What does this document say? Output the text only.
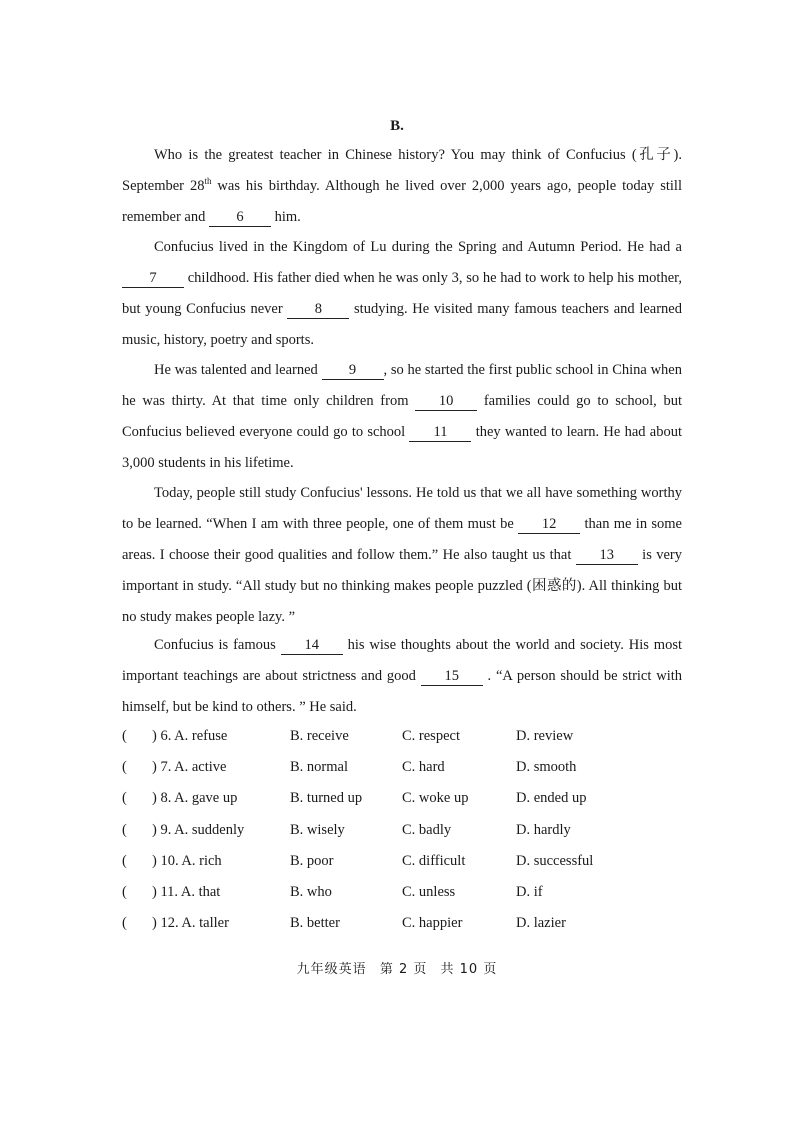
B.

Who is the greatest teacher in Chinese history? You may think of Confucius (孔子). September 28th was his birthday. Although he lived over 2,000 years ago, people today still remember and 6 him.

Confucius lived in the Kingdom of Lu during the Spring and Autumn Period. He had a 7 childhood. His father died when he was only 3, so he had to work to help his mother, but young Confucius never 8 studying. He visited many famous teachers and learned music, history, poetry and sports.

He was talented and learned 9 , so he started the first public school in China when he was thirty. At that time only children from 10 families could go to school, but Confucius believed everyone could go to school 11 they wanted to learn. He had about 3,000 students in his lifetime.

Today, people still study Confucius' lessons. He told us that we all have something worthy to be learned. “When I am with three people, one of them must be 12 than me in some areas. I choose their good qualities and follow them.” He also taught us that 13 is very important in study. “All study but no thinking makes people puzzled (困惑的). All thinking but no study makes people lazy. ”

Confucius is famous 14 his wise thoughts about the world and society. His most important teachings are about strictness and good 15 . “A person should be strict with himself, but be kind to others. ” He said.

( ) 6. A. refuse	B. receive	C. respect	D. review
( ) 7. A. active	B. normal	C. hard	D. smooth
( ) 8. A. gave up	B. turned up	C. woke up	D. ended up
( ) 9. A. suddenly	B. wisely	C. badly	D. hardly
( ) 10. A. rich	B. poor	C. difficult	D. successful
( ) 11. A. that	B. who	C. unless	D. if
( ) 12. A. taller	B. better	C. happier	D. lazier
九年级英语 第 2 页 共 10 页
